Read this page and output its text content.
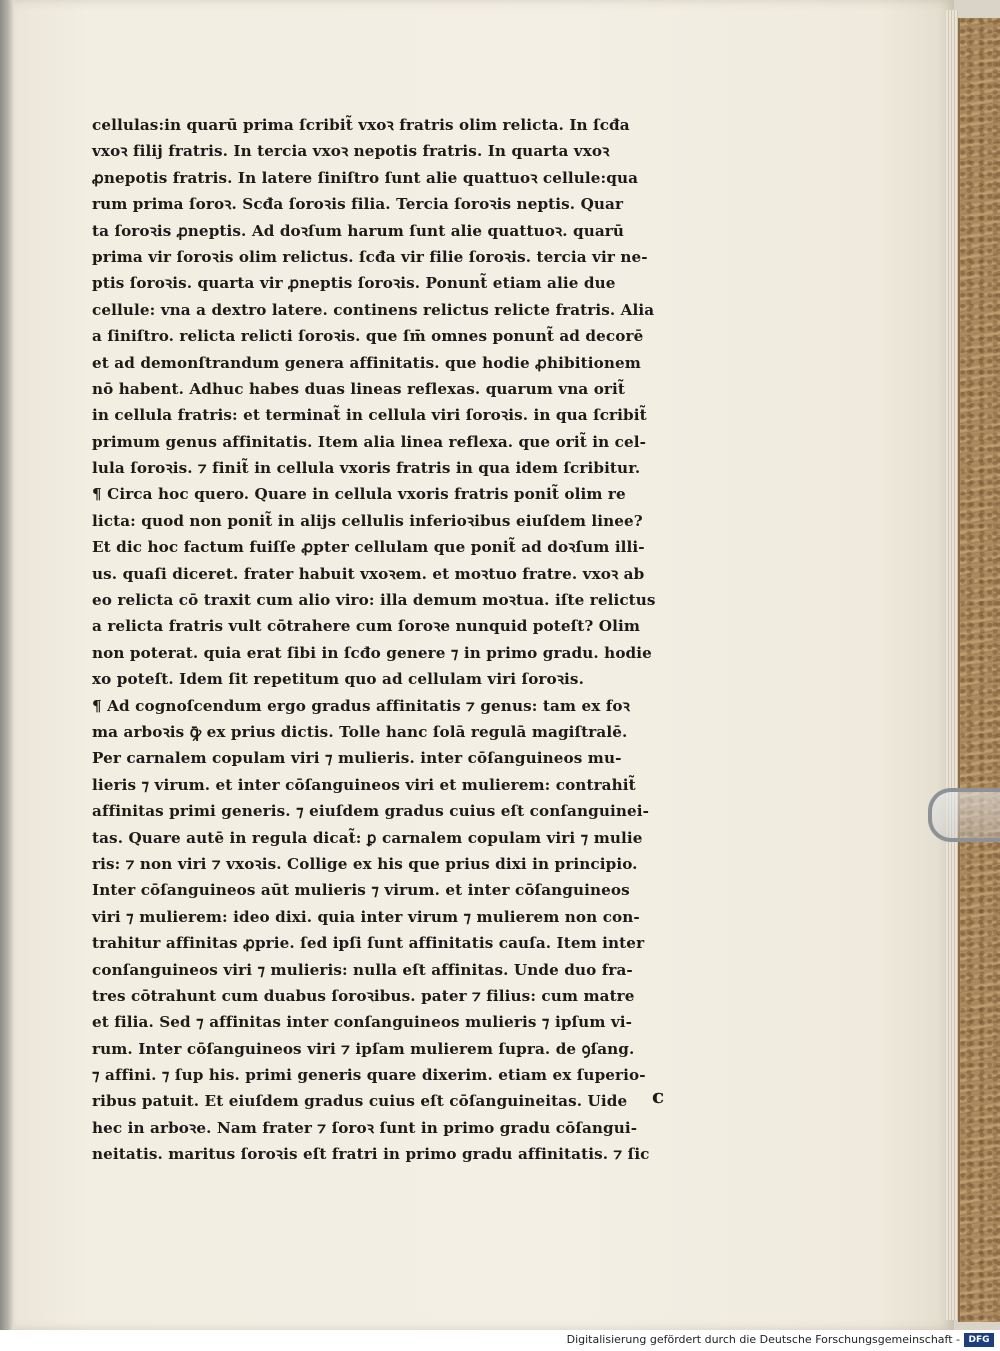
cellulas:in quarū prima ſcribit̃ vxoꝛ fratris olim relicta. In ſcđa
vxoꝛ filij fratris. In tercia vxoꝛ nepotis fratris. In quarta vxoꝛ
ꝓnepotis fratris. In latere ſiniſtro ſunt alie quattuoꝛ cellule:qua
rum prima ſoroꝛ. Scđa ſoroꝛis filia. Tercia ſoroꝛis neptis. Quar
ta ſoroꝛis ꝓneptis. Ad doꝛſum harum ſunt alie quattuoꝛ. quarū
prima vir ſoroꝛis olim relictus. ſcđa vir filie ſoroꝛis. tercia vir ne-
ptis ſoroꝛis. quarta vir ꝓneptis ſoroꝛis. Ponunt̃ etiam alie due
cellule: vna a dextro latere. continens relictus relicte fratris. Alia
a ſiniſtro. relicta relicti ſoroꝛis. que ſm̄ omnes ponunt̃ ad decorē
et ad demonſtrandum genera affinitatis. que hodie ꝓhibitionem
nō habent. Adhuc habes duas lineas reflexas. quarum vna orit̃
in cellula fratris: et terminat̃ in cellula viri ſoroꝛis. in qua ſcribit̃
primum genus affinitatis. Item alia linea reflexa. que orit̃ in cel-
lula ſoroꝛis. ⁊ finit̃ in cellula vxoris fratris in qua idem ſcribitur.
¶ Circa hoc quero. Quare in cellula vxoris fratris ponit̃ olim re
licta: quod non ponit̃ in alijs cellulis inferioꝛibus eiuſdem linee?
Et dic hoc factum fuiſſe ꝓpter cellulam que ponit̃ ad doꝛſum illi-
us. quaſi diceret. frater habuit vxoꝛem. et moꝛtuo fratre. vxoꝛ ab
eo relicta cō traxit cum alio viro: illa demum moꝛtua. iſte relictus
a relicta fratris vult cōtrahere cum ſoroꝛe nunquid poteſt? Olim
non poterat. quia erat ſibi in ſcđo genere ⁊ in primo gradu. hodie
xo poteſt. Idem ſit repetitum quo ad cellulam viri ſoroꝛis.
¶ Ad cognoſcendum ergo gradus affinitatis ⁊ genus: tam ex foꝛ
ma arboꝛis ꝙ̄ ex prius dictis. Tolle hanc ſolā regulā magiſtralē.
Per carnalem copulam viri ⁊ mulieris. inter cōſanguineos mu-
lieris ⁊ virum. et inter cōſanguineos viri et mulierem: contrahit̃
affinitas primi generis. ⁊ eiuſdem gradus cuius eſt conſanguinei-
tas. Quare autē in regula dicat̃: ꝑ carnalem copulam viri ⁊ mulie
ris: ⁊ non viri ⁊ vxoꝛis. Collige ex his que prius dixi in principio.
Inter cōſanguineos aūt mulieris ⁊ virum. et inter cōſanguineos
viri ⁊ mulierem: ideo dixi. quia inter virum ⁊ mulierem non con-
trahitur affinitas ꝓprie. ſed ipſi ſunt affinitatis cauſa. Item inter
conſanguineos viri ⁊ mulieris: nulla eſt affinitas. Unde duo fra-
tres cōtrahunt cum duabus ſoroꝛibus. pater ⁊ filius: cum matre
et filia. Sed ⁊ affinitas inter conſanguineos mulieris ⁊ ipſum vi-
rum. Inter cōſanguineos viri ⁊ ipſam mulierem ſupra. de ꝯſang.
⁊ affini. ⁊ ſup his. primi generis quare dixerim. etiam ex ſuperio-
ribus patuit. Et eiuſdem gradus cuius eſt cōſanguineitas. Uide
hec in arboꝛe. Nam frater ⁊ ſoroꝛ ſunt in primo gradu cōſangui-
neitatis. maritus ſoroꝛis eſt fratri in primo gradu affinitatis. ⁊ ſic
c
Digitalisierung gefördert durch die Deutsche Forschungsgemeinschaft - DFG
